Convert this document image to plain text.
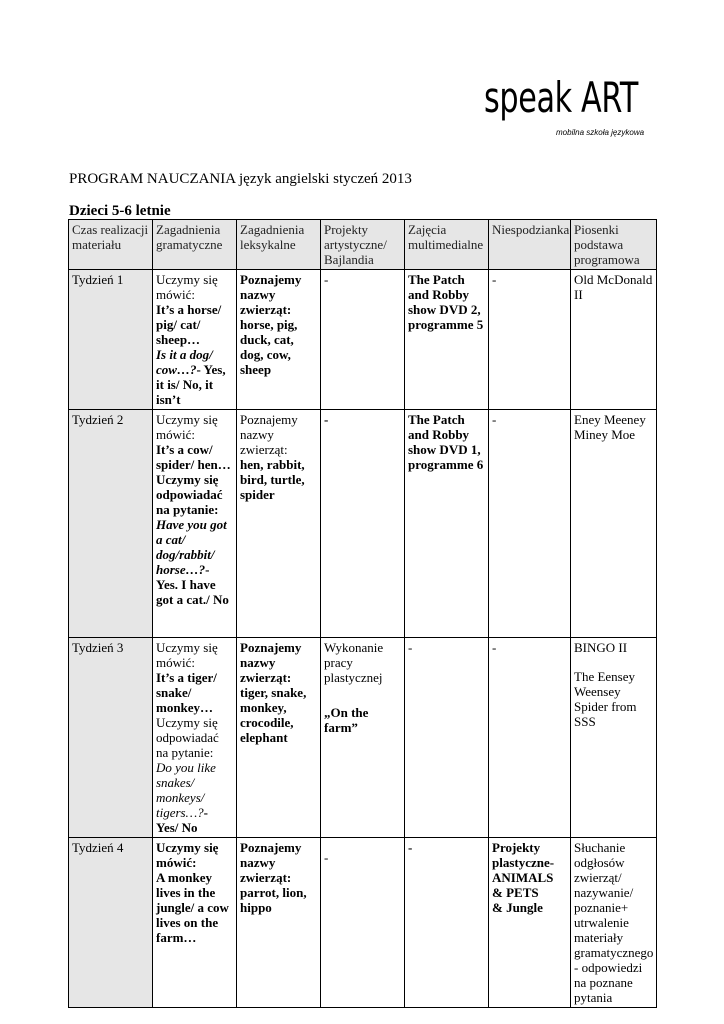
speak ART
mobilna szkoła językowa
PROGRAM NAUCZANIA język angielski styczeń 2013
Dzieci 5-6 letnie
Czas realizacji materiału	Zagadnienia gramatyczne	Zagadnienia leksykalne	Projekty artystyczne/ Bajlandia	Zajęcia multimedialne	Niespodzianka	Piosenki podstawa programowa
Tydzień 1	Uczymy się mówić:
It’s a horse/ pig/ cat/ sheep…
Is it a dog/ cow…?- Yes, it is/ No, it isn’t	Poznajemy nazwy zwierząt: horse, pig, duck, cat, dog, cow, sheep	-	The Patch and Robby show DVD 2, programme 5	-	Old McDonald II
Tydzień 2	Uczymy się mówić:
It’s a cow/ spider/ hen…
Uczymy się odpowiadać na pytanie:
Have you got a cat/ dog/rabbit/ horse…?- Yes. I have got a cat./ No	Poznajemy nazwy zwierząt:
hen, rabbit, bird, turtle, spider	-	The Patch and Robby show DVD 1, programme 6	-	Eney Meeney Miney Moe
Tydzień 3	Uczymy się mówić:
It’s a tiger/ snake/ monkey…
Uczymy się odpowiadać na pytanie:
Do you like snakes/ monkeys/ tigers…?- Yes/ No	Poznajemy nazwy zwierząt: tiger, snake, monkey, crocodile, elephant	Wykonanie pracy plastycznej
„On the farm”	-	-	BINGO II
The Eensey Weensey Spider from SSS
Tydzień 4	Uczymy się mówić:
A monkey lives in the jungle/ a cow lives on the farm…	Poznajemy nazwy zwierząt: parrot, lion, hippo	-	-	Projekty plastyczne- ANIMALS & PETS
& Jungle	Słuchanie odgłosów zwierząt/ nazywanie/ poznanie+ utrwalenie materiały gramatycznego - odpowiedzi na poznane pytania
